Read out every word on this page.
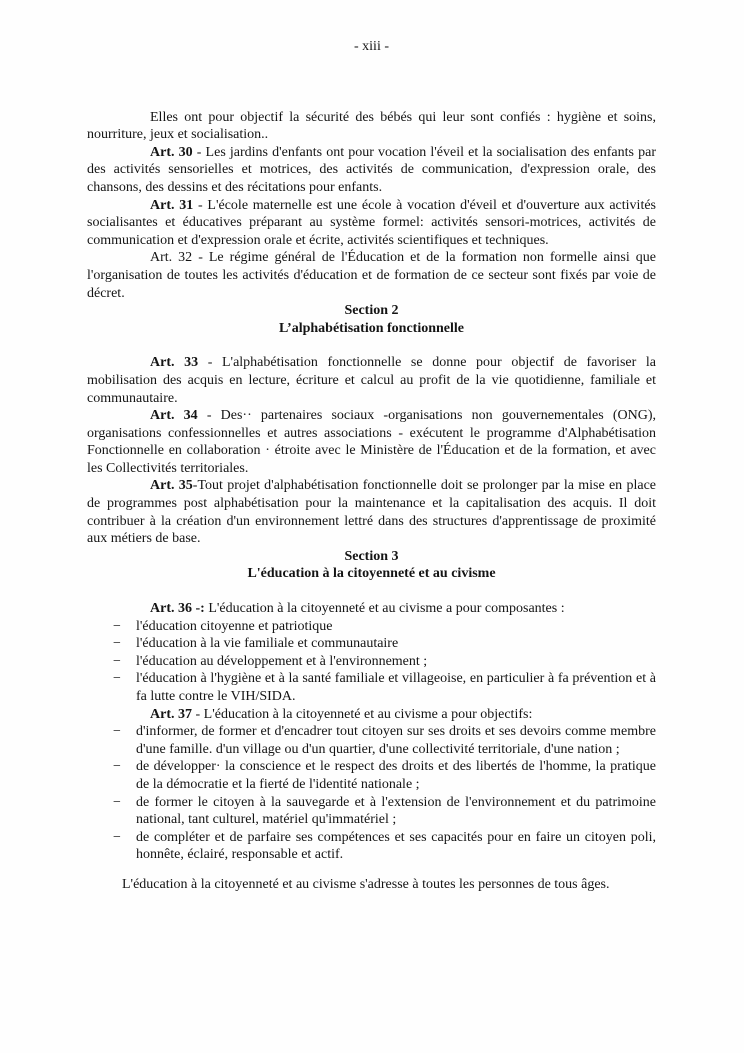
- xiii -

Elles ont pour objectif la sécurité des bébés qui leur sont confiés : hygiène et soins, nourriture, jeux et socialisation..

Art. 30 - Les jardins d'enfants ont pour vocation l'éveil et la socialisation des enfants par des activités sensorielles et motrices, des activités de communication, d'expression orale, des chansons, des dessins et des récitations pour enfants.

Art. 31 - L'école maternelle est une école à vocation d'éveil et d'ouverture aux activités socialisantes et éducatives préparant au système formel: activités sensori-motrices, activités de communication et d'expression orale et écrite, activités scientifiques et techniques.

Art. 32 - Le régime général de l'Éducation et de la formation non formelle ainsi que l'organisation de toutes les activités d'éducation et de formation de ce secteur sont fixés par voie de décret.

Section 2
L’alphabétisation fonctionnelle

Art. 33 - L'alphabétisation fonctionnelle se donne pour objectif de favoriser la mobilisation des acquis en lecture, écriture et calcul au profit de la vie quotidienne, familiale et communautaire.

Art. 34 - Des·· partenaires sociaux -organisations non gouvernementales (ONG), organisations confessionnelles et autres associations - exécutent le programme d'Alphabétisation Fonctionnelle en collaboration · étroite avec le Ministère de l'Éducation et de la formation, et avec les Collectivités territoriales.

Art. 35-Tout projet d'alphabétisation fonctionnelle doit se prolonger par la mise en place de programmes post alphabétisation pour la maintenance et la capitalisation des acquis. Il doit contribuer à la création d'un environnement lettré dans des structures d'apprentissage de proximité aux métiers de base.

Section 3
L'éducation à la citoyenneté et au civisme

Art. 36 -: L'éducation à la citoyenneté et au civisme a pour composantes :

− l'éducation citoyenne et patriotique
− l'éducation à la vie familiale et communautaire
− l'éducation au développement et à l'environnement ;
− l'éducation à l'hygiène et à la santé familiale et villageoise, en particulier à fa prévention et à fa lutte contre le VIH/SIDA.

Art. 37 - L'éducation à la citoyenneté et au civisme a pour objectifs:

− d'informer, de former et d'encadrer tout citoyen sur ses droits et ses devoirs comme membre d'une famille. d'un village ou d'un quartier, d'une collectivité territoriale, d'une nation ;
− de développer· la conscience et le respect des droits et des libertés de l'homme, la pratique de la démocratie et la fierté de l'identité nationale ;
− de former le citoyen à la sauvegarde et à l'extension de l'environnement et du patrimoine national, tant culturel, matériel qu'immatériel ;
− de compléter et de parfaire ses compétences et ses capacités pour en faire un citoyen poli, honnête, éclairé, responsable et actif.

L'éducation à la citoyenneté et au civisme s'adresse à toutes les personnes de tous âges.
